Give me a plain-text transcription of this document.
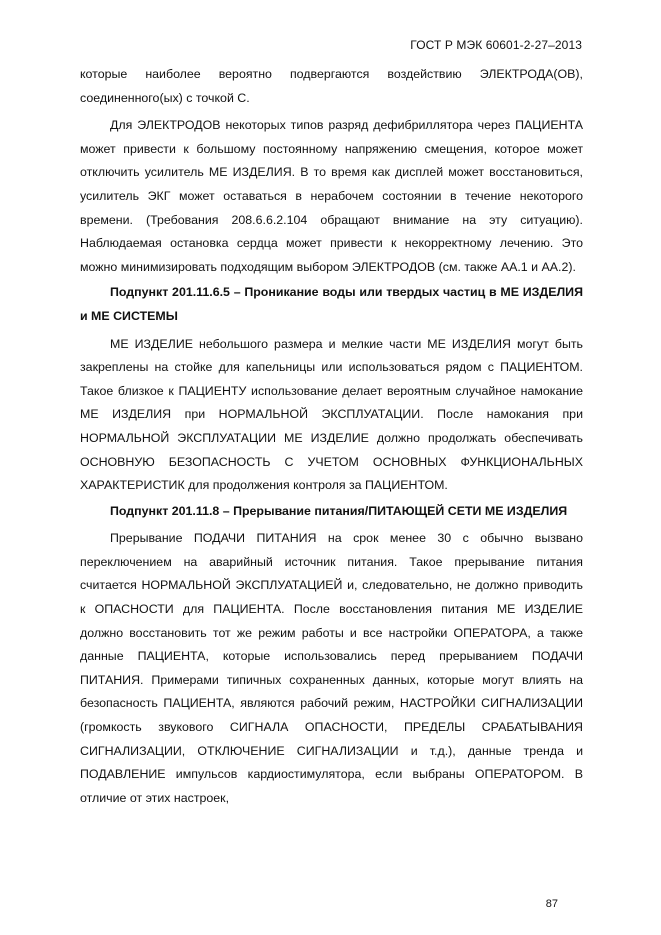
ГОСТ Р МЭК 60601-2-27–2013

которые наиболее вероятно подвергаются воздействию ЭЛЕКТРОДА(ОВ), соединенного(ых) с точкой C.

Для ЭЛЕКТРОДОВ некоторых типов разряд дефибриллятора через ПАЦИЕНТА может привести к большому постоянному напряжению смещения, которое может отключить усилитель МЕ ИЗДЕЛИЯ. В то время как дисплей может восстановиться, усилитель ЭКГ может оставаться в нерабочем состоянии в течение некоторого времени. (Требования 208.6.6.2.104 обращают внимание на эту ситуацию). Наблюдаемая остановка сердца может привести к некорректному лечению. Это можно минимизировать подходящим выбором ЭЛЕКТРОДОВ (см. также АА.1 и АА.2).

Подпункт 201.11.6.5 – Проникание воды или твердых частиц в МЕ ИЗДЕЛИЯ и МЕ СИСТЕМЫ

МЕ ИЗДЕЛИЕ небольшого размера и мелкие части МЕ ИЗДЕЛИЯ могут быть закреплены на стойке для капельницы или использоваться рядом с ПАЦИЕНТОМ. Такое близкое к ПАЦИЕНТУ использование делает вероятным случайное намокание МЕ ИЗДЕЛИЯ при НОРМАЛЬНОЙ ЭКСПЛУАТАЦИИ. После намокания при НОРМАЛЬНОЙ ЭКСПЛУАТАЦИИ МЕ ИЗДЕЛИЕ должно продолжать обеспечивать ОСНОВНУЮ БЕЗОПАСНОСТЬ С УЧЕТОМ ОСНОВНЫХ ФУНКЦИОНАЛЬНЫХ ХАРАКТЕРИСТИК для продолжения контроля за ПАЦИЕНТОМ.

Подпункт 201.11.8 – Прерывание питания/ПИТАЮЩЕЙ СЕТИ МЕ ИЗДЕЛИЯ

Прерывание ПОДАЧИ ПИТАНИЯ на срок менее 30 с обычно вызвано переключением на аварийный источник питания. Такое прерывание питания считается НОРМАЛЬНОЙ ЭКСПЛУАТАЦИЕЙ и, следовательно, не должно приводить к ОПАСНОСТИ для ПАЦИЕНТА. После восстановления питания МЕ ИЗДЕЛИЕ должно восстановить тот же режим работы и все настройки ОПЕРАТОРА, а также данные ПАЦИЕНТА, которые использовались перед прерыванием ПОДАЧИ ПИТАНИЯ. Примерами типичных сохраненных данных, которые могут влиять на безопасность ПАЦИЕНТА, являются рабочий режим, НАСТРОЙКИ СИГНАЛИЗАЦИИ (громкость звукового СИГНАЛА ОПАСНОСТИ, ПРЕДЕЛЫ СРАБАТЫВАНИЯ СИГНАЛИЗАЦИИ, ОТКЛЮЧЕНИЕ СИГНАЛИЗАЦИИ и т.д.), данные тренда и ПОДАВЛЕНИЕ импульсов кардиостимулятора, если выбраны ОПЕРАТОРОМ. В отличие от этих настроек,

87
